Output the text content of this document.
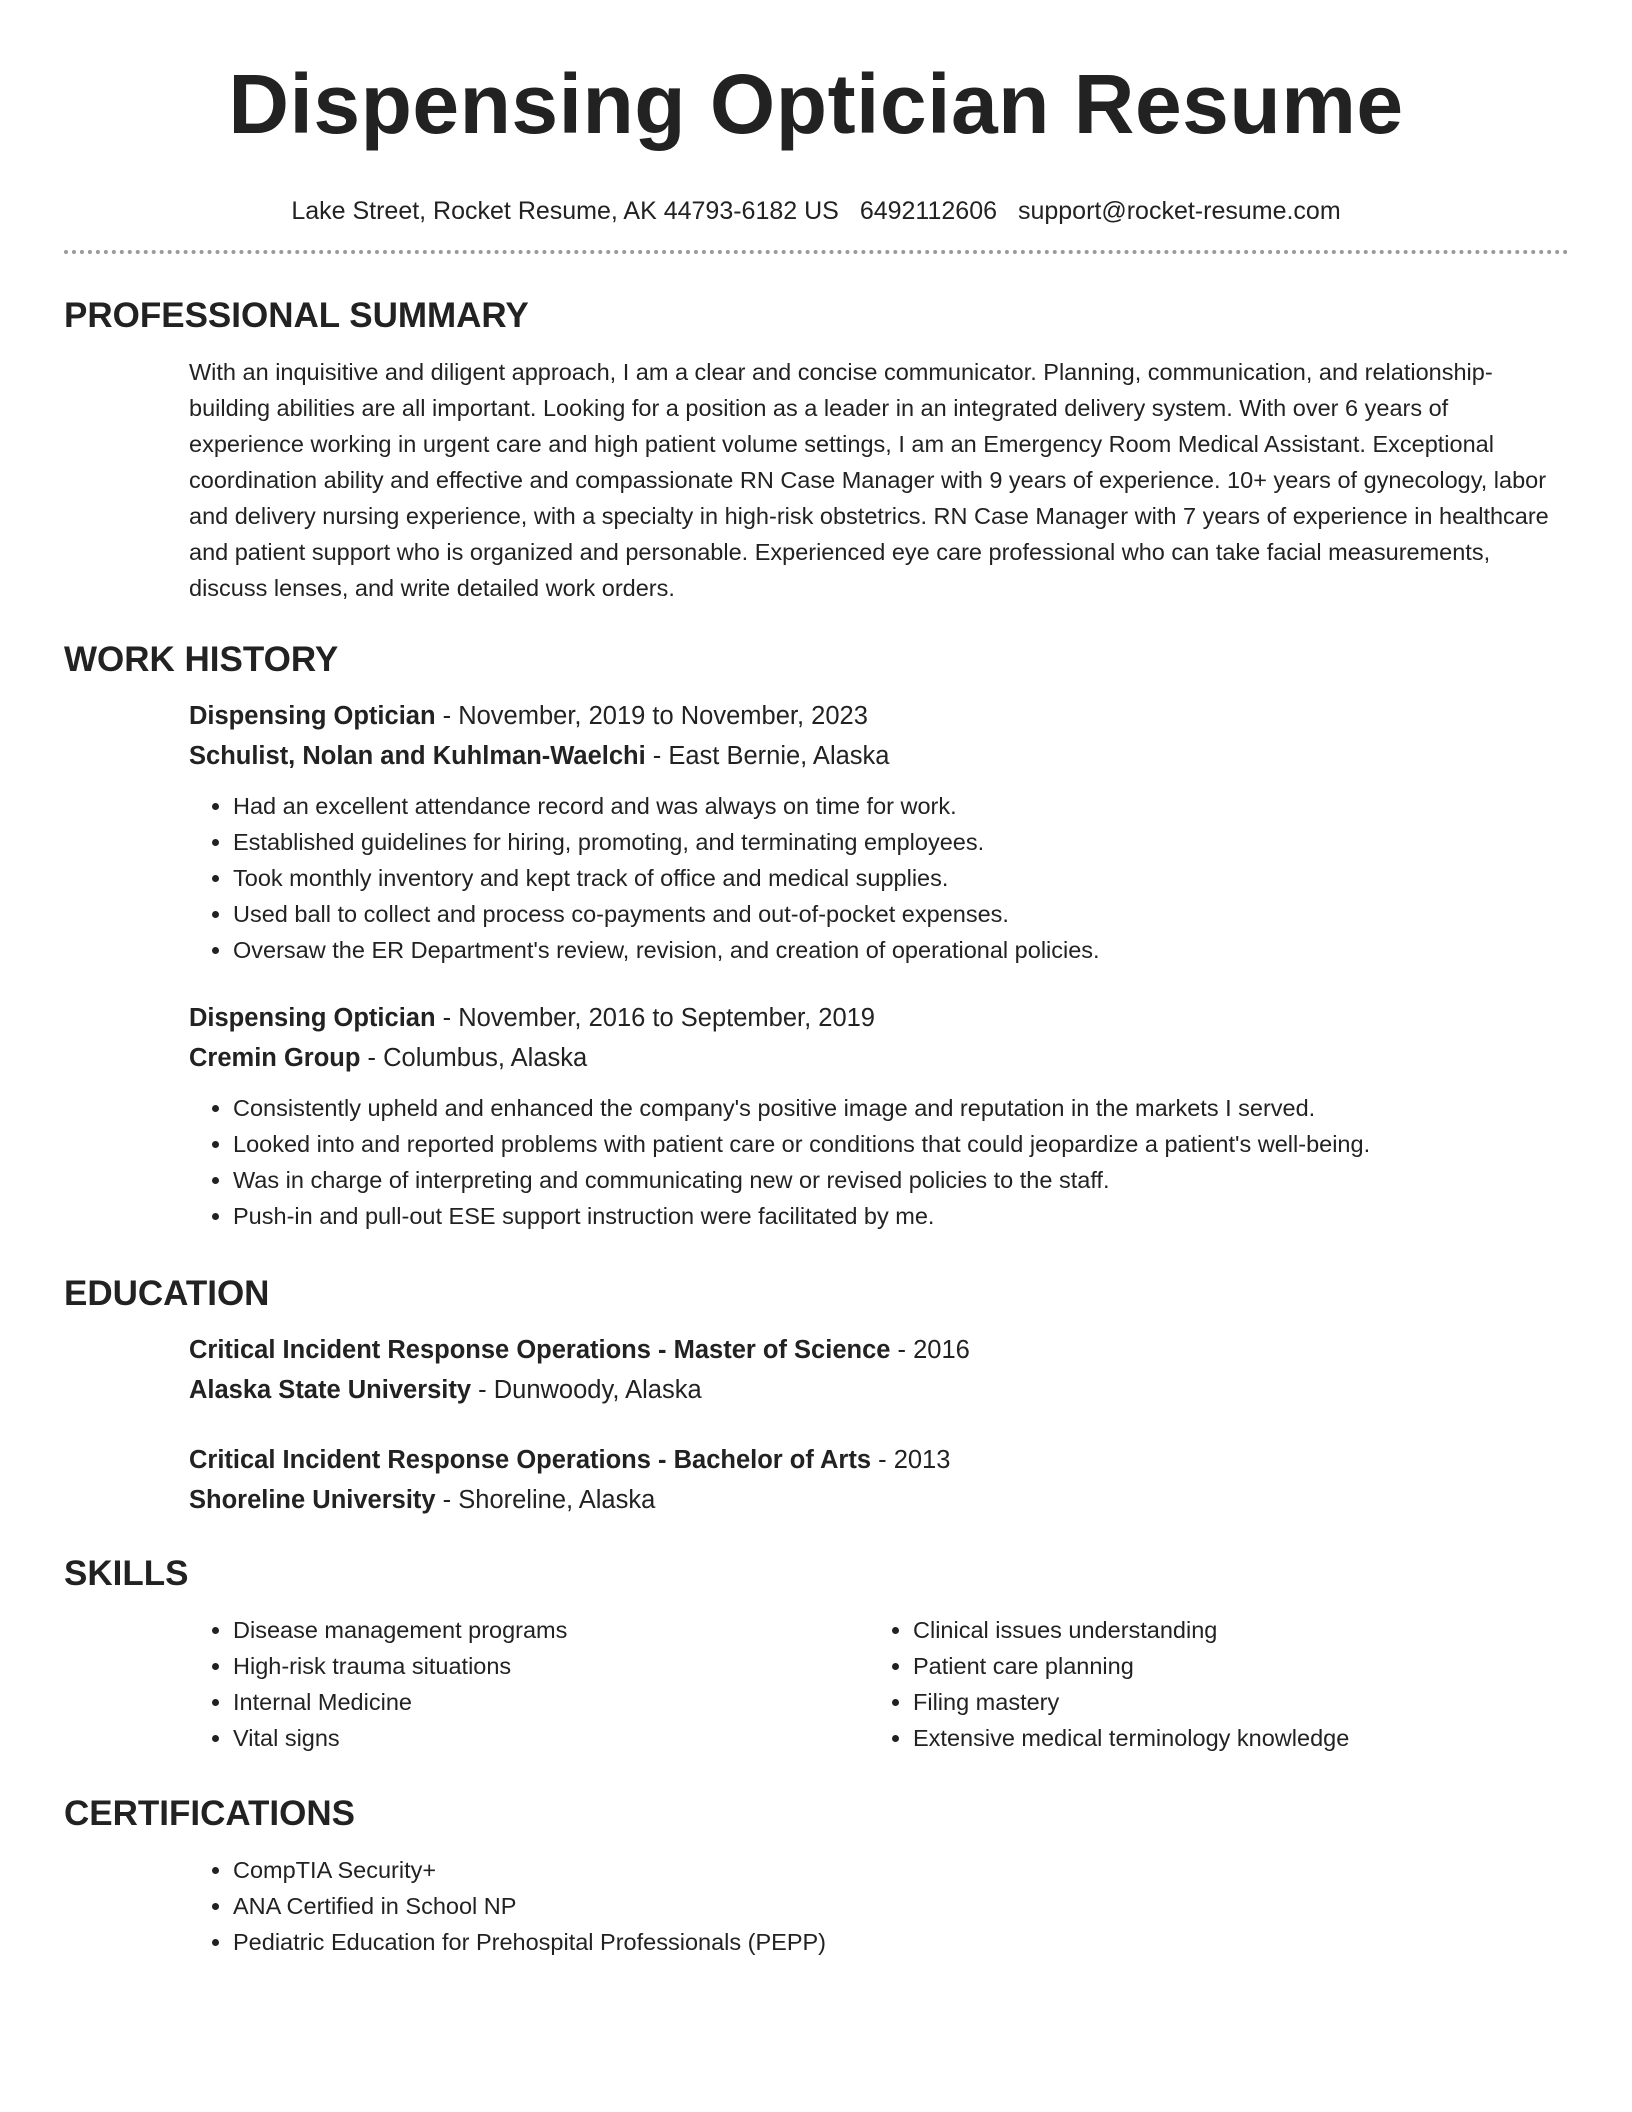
Dispensing Optician Resume
Lake Street, Rocket Resume, AK 44793-6182 US 6492112606 support@rocket-resume.com
PROFESSIONAL SUMMARY

With an inquisitive and diligent approach, I am a clear and concise communicator. Planning, communication, and relationship-building abilities are all important. Looking for a position as a leader in an integrated delivery system. With over 6 years of experience working in urgent care and high patient volume settings, I am an Emergency Room Medical Assistant. Exceptional coordination ability and effective and compassionate RN Case Manager with 9 years of experience. 10+ years of gynecology, labor and delivery nursing experience, with a specialty in high-risk obstetrics. RN Case Manager with 7 years of experience in healthcare and patient support who is organized and personable. Experienced eye care professional who can take facial measurements, discuss lenses, and write detailed work orders.

WORK HISTORY
Dispensing Optician - November, 2019 to November, 2023
Schulist, Nolan and Kuhlman-Waelchi - East Bernie, Alaska
• Had an excellent attendance record and was always on time for work.
• Established guidelines for hiring, promoting, and terminating employees.
• Took monthly inventory and kept track of office and medical supplies.
• Used ball to collect and process co-payments and out-of-pocket expenses.
• Oversaw the ER Department's review, revision, and creation of operational policies.
Dispensing Optician - November, 2016 to September, 2019
Cremin Group - Columbus, Alaska
• Consistently upheld and enhanced the company's positive image and reputation in the markets I served.
• Looked into and reported problems with patient care or conditions that could jeopardize a patient's well-being.
• Was in charge of interpreting and communicating new or revised policies to the staff.
• Push-in and pull-out ESE support instruction were facilitated by me.
EDUCATION
Critical Incident Response Operations - Master of Science - 2016
Alaska State University - Dunwoody, Alaska
Critical Incident Response Operations - Bachelor of Arts - 2013
Shoreline University - Shoreline, Alaska
SKILLS
• Disease management programs
• High-risk trauma situations
• Internal Medicine
• Vital signs
• Clinical issues understanding
• Patient care planning
• Filing mastery
• Extensive medical terminology knowledge
CERTIFICATIONS
• CompTIA Security+
• ANA Certified in School NP
• Pediatric Education for Prehospital Professionals (PEPP)
